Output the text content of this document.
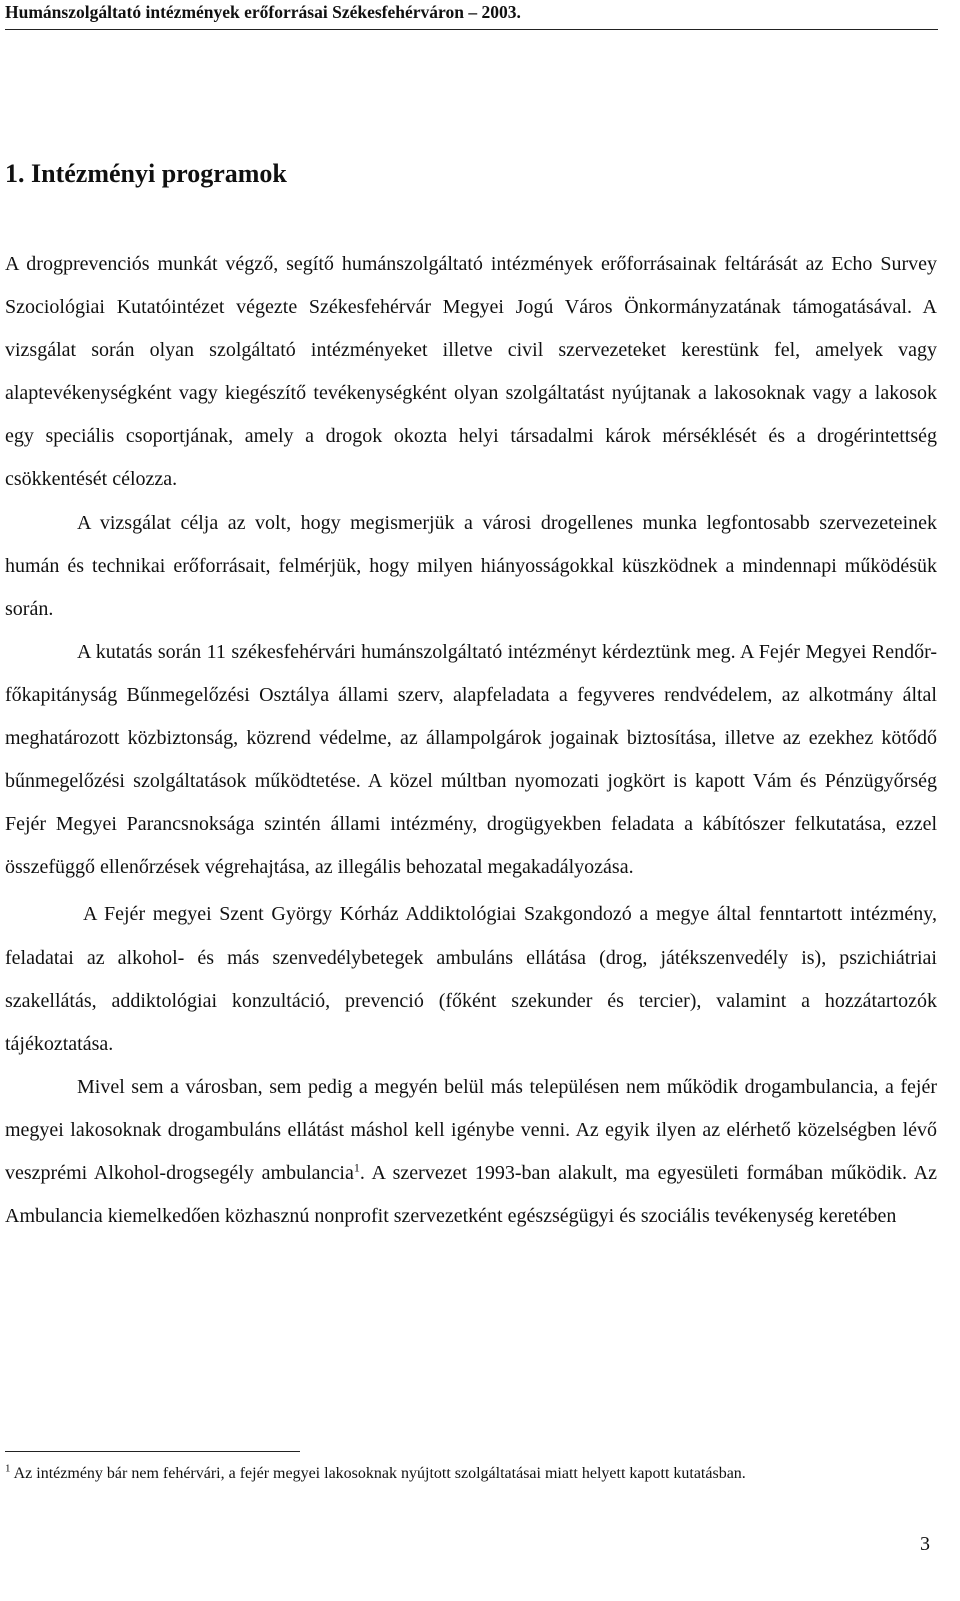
Humánszolgáltató intézmények erőforrásai Székesfehérváron – 2003.
1. Intézményi programok

A drogprevenciós munkát végző, segítő humánszolgáltató intézmények erőforrásainak feltárását az Echo Survey Szociológiai Kutatóintézet végezte Székesfehérvár Megyei Jogú Város Önkormányzatának támogatásával. A vizsgálat során olyan szolgáltató intézményeket illetve civil szervezeteket kerestünk fel, amelyek vagy alaptevékenységként vagy kiegészítő tevékenységként olyan szolgáltatást nyújtanak a lakosoknak vagy a lakosok egy speciális csoportjának, amely a drogok okozta helyi társadalmi károk mérséklését és a drogérintettség csökkentését célozza.

A vizsgálat célja az volt, hogy megismerjük a városi drogellenes munka legfontosabb szervezeteinek humán és technikai erőforrásait, felmérjük, hogy milyen hiányosságokkal küszködnek a mindennapi működésük során.

A kutatás során 11 székesfehérvári humánszolgáltató intézményt kérdeztünk meg. A Fejér Megyei Rendőr-főkapitányság Bűnmegelőzési Osztálya állami szerv, alapfeladata a fegyveres rendvédelem, az alkotmány által meghatározott közbiztonság, közrend védelme, az állampolgárok jogainak biztosítása, illetve az ezekhez kötődő bűnmegelőzési szolgáltatások működtetése. A közel múltban nyomozati jogkört is kapott Vám és Pénzügyőrség Fejér Megyei Parancsnoksága szintén állami intézmény, drogügyekben feladata a kábítószer felkutatása, ezzel összefüggő ellenőrzések végrehajtása, az illegális behozatal megakadályozása.

A Fejér megyei Szent György Kórház Addiktológiai Szakgondozó a megye által fenntartott intézmény, feladatai az alkohol- és más szenvedélybetegek ambuláns ellátása (drog, játékszenvedély is), pszichiátriai szakellátás, addiktológiai konzultáció, prevenció (főként szekunder és tercier), valamint a hozzátartozók tájékoztatása.

Mivel sem a városban, sem pedig a megyén belül más településen nem működik drogambulancia, a fejér megyei lakosoknak drogambuláns ellátást máshol kell igénybe venni. Az egyik ilyen az elérhető közelségben lévő veszprémi Alkohol-drogsegély ambulancia$^1$. A szervezet 1993-ban alakult, ma egyesületi formában működik. Az Ambulancia kiemelkedően közhasznú nonprofit szervezetként egészségügyi és szociális tevékenység keretében

$^1$ Az intézmény bár nem fehérvári, a fejér megyei lakosoknak nyújtott szolgáltatásai miatt helyett kapott kutatásban.
3
